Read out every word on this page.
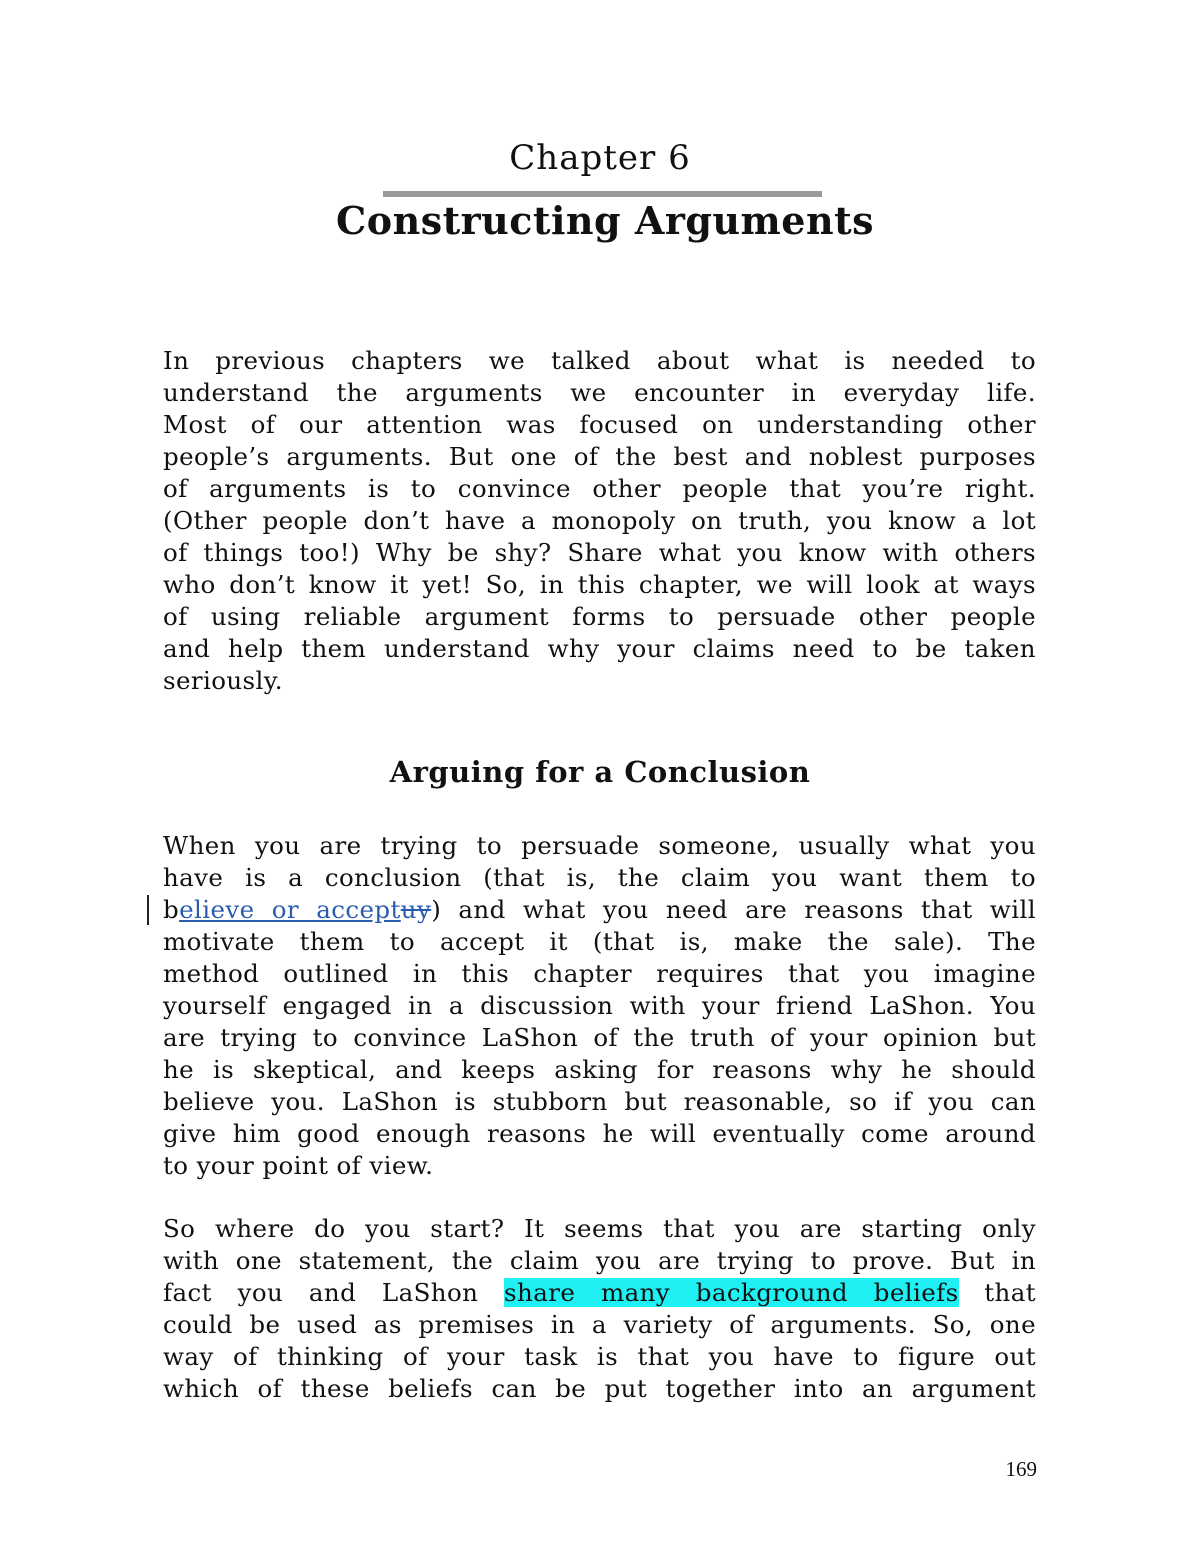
Chapter 6
Constructing Arguments
In previous chapters we talked about what is needed to
understand the arguments we encounter in everyday life.
Most of our attention was focused on understanding other
people’s arguments. But one of the best and noblest purposes
of arguments is to convince other people that you’re right.
(Other people don’t have a monopoly on truth, you know a lot
of things too!) Why be shy? Share what you know with others
who don’t know it yet! So, in this chapter, we will look at ways
of using reliable argument forms to persuade other people
and help them understand why your claims need to be taken
seriously.
Arguing for a Conclusion
When you are trying to persuade someone, usually what you
have is a conclusion (that is, the claim you want them to
believe or acceptuy) and what you need are reasons that will
motivate them to accept it (that is, make the sale). The
method outlined in this chapter requires that you imagine
yourself engaged in a discussion with your friend LaShon. You
are trying to convince LaShon of the truth of your opinion but
he is skeptical, and keeps asking for reasons why he should
believe you. LaShon is stubborn but reasonable, so if you can
give him good enough reasons he will eventually come around
to your point of view.
So where do you start? It seems that you are starting only
with one statement, the claim you are trying to prove. But in
fact you and LaShon share many background beliefs that
could be used as premises in a variety of arguments. So, one
way of thinking of your task is that you have to figure out
which of these beliefs can be put together into an argument
169
